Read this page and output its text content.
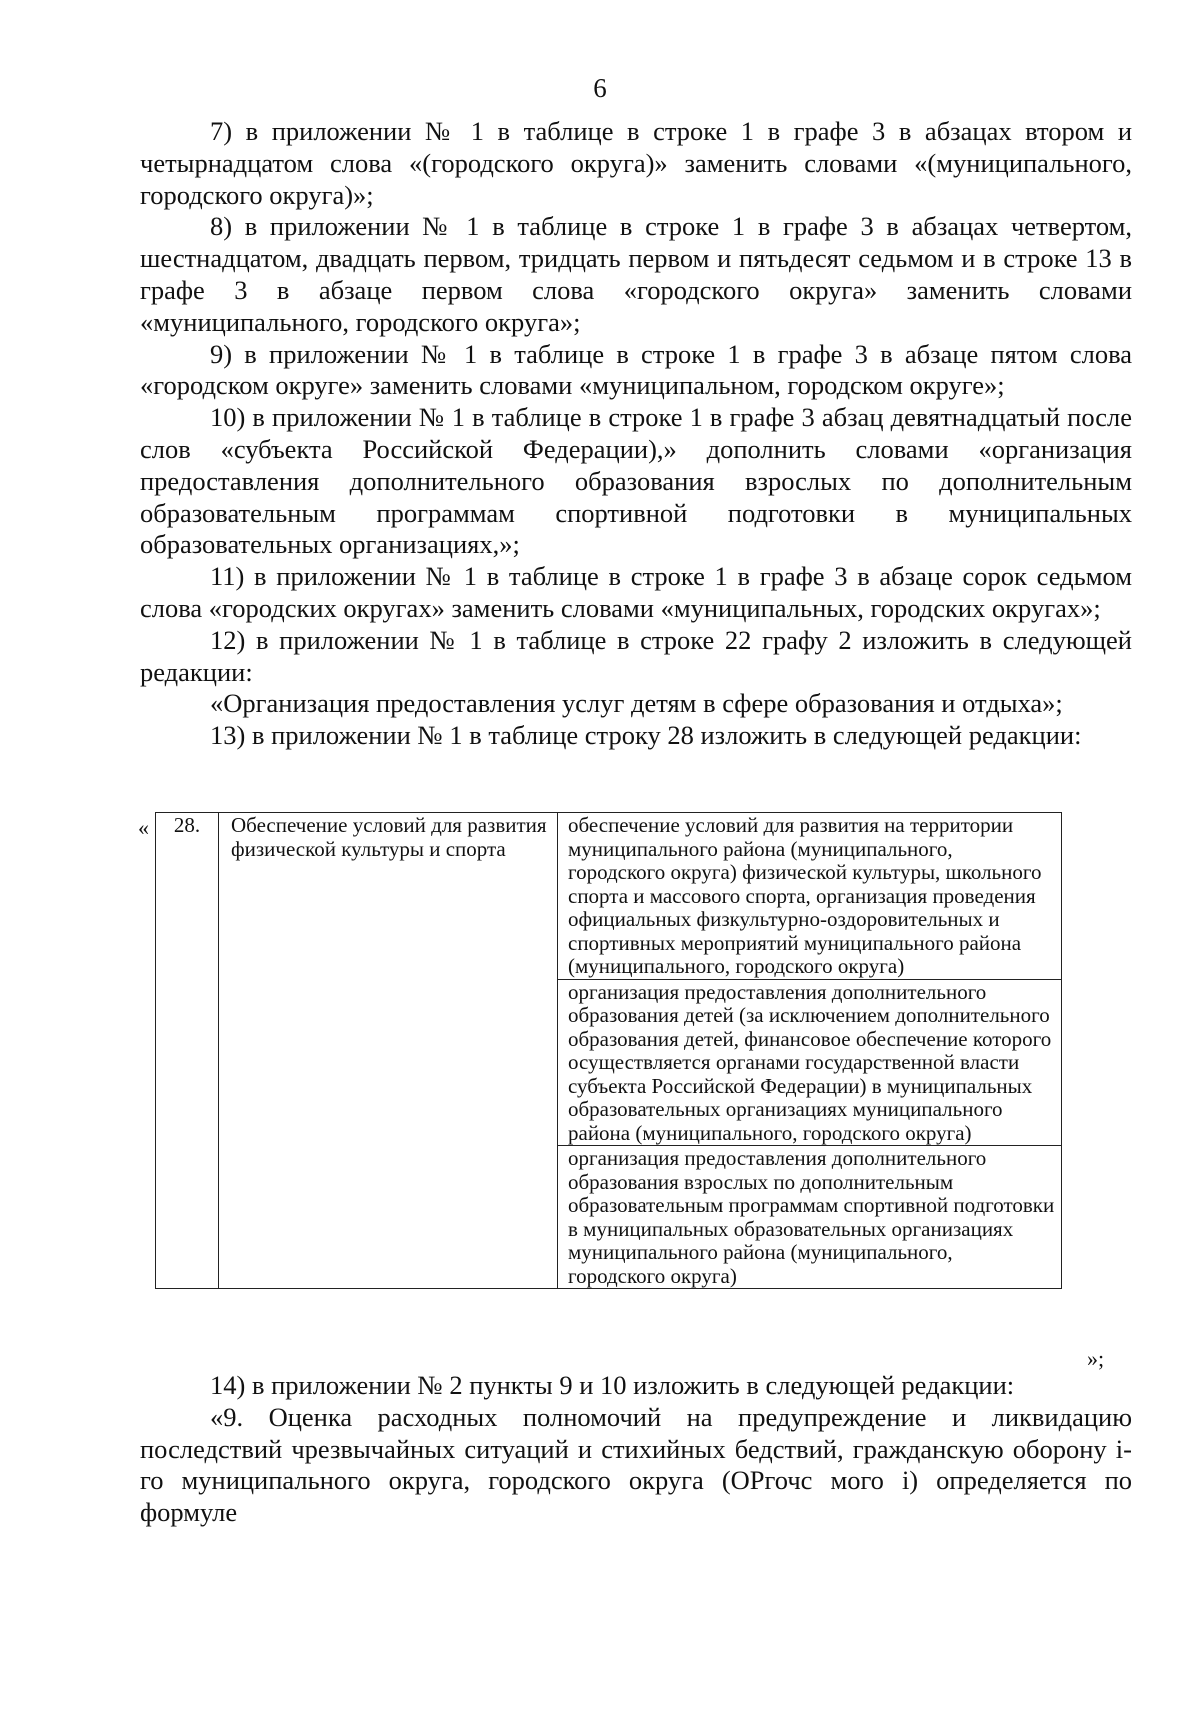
6

7) в приложении № 1 в таблице в строке 1 в графе 3 в абзацах втором и четырнадцатом слова «(городского округа)» заменить словами «(муниципального, городского округа)»;

8) в приложении № 1 в таблице в строке 1 в графе 3 в абзацах четвертом, шестнадцатом, двадцать первом, тридцать первом и пятьдесят седьмом и в строке 13 в графе 3 в абзаце первом слова «городского округа» заменить словами «муниципального, городского округа»;

9) в приложении № 1 в таблице в строке 1 в графе 3 в абзаце пятом слова «городском округе» заменить словами «муниципальном, городском округе»;

10) в приложении № 1 в таблице в строке 1 в графе 3 абзац девятнадцатый после слов «субъекта Российской Федерации),» дополнить словами «организация предоставления дополнительного образования взрослых по дополнительным образовательным программам спортивной подготовки в муниципальных образовательных организациях,»;

11) в приложении № 1 в таблице в строке 1 в графе 3 в абзаце сорок седьмом слова «городских округах» заменить словами «муниципальных, городских округах»;

12) в приложении № 1 в таблице в строке 22 графу 2 изложить в следующей редакции:

«Организация предоставления услуг детям в сфере образования и отдыха»;

13) в приложении № 1 в таблице строку 28 изложить в следующей редакции:

« 28.	Обеспечение условий для развития физической культуры и спорта	обеспечение условий для развития на территории муниципального района (муниципального, городского округа) физической культуры, школьного спорта и массового спорта, организация проведения официальных физкультурно-оздоровительных и спортивных мероприятий муниципального района (муниципального, городского округа)
организация предоставления дополнительного образования детей (за исключением дополнительного образования детей, финансовое обеспечение которого осуществляется органами государственной власти субъекта Российской Федерации) в муниципальных образовательных организациях муниципального района (муниципального, городского округа)
организация предоставления дополнительного образования взрослых по дополнительным образовательным программам спортивной подготовки в муниципальных образовательных организациях муниципального района (муниципального, городского округа)
»;

14) в приложении № 2 пункты 9 и 10 изложить в следующей редакции:

«9. Оценка расходных полномочий на предупреждение и ликвидацию последствий чрезвычайных ситуаций и стихийных бедствий, гражданскую оборону i-го муниципального округа, городского округа (ОРгочс мого i) определяется по формуле
